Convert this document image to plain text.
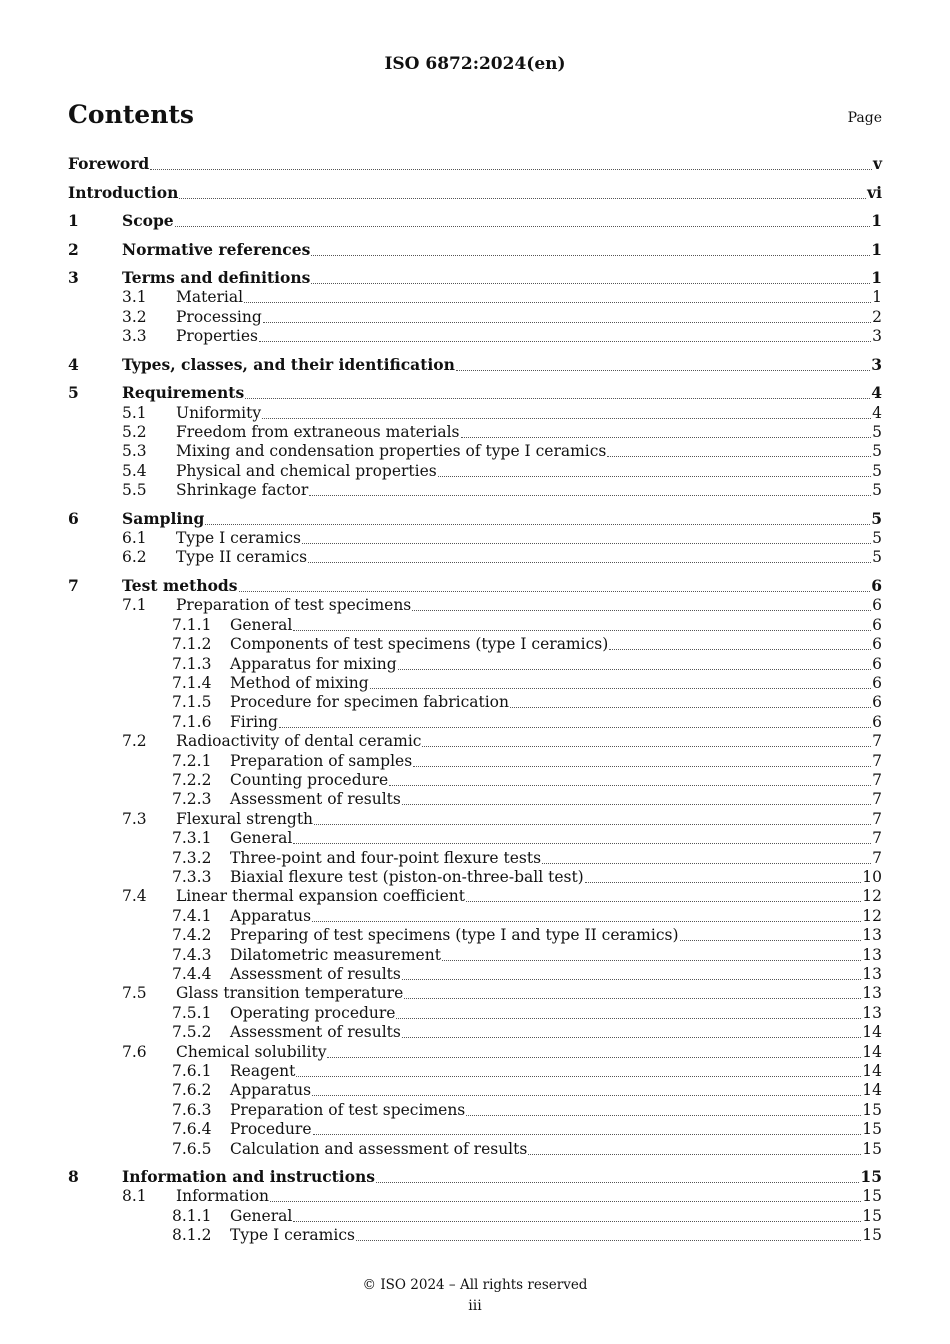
ISO 6872:2024(en)
Contents	Page
Foreword	v
Introduction	vi
1	Scope	1
2	Normative references	1
3	Terms and definitions	1
3.1	Material	1
3.2	Processing	2
3.3	Properties	3
4	Types, classes, and their identification	3
5	Requirements	4
5.1	Uniformity	4
5.2	Freedom from extraneous materials	5
5.3	Mixing and condensation properties of type I ceramics	5
5.4	Physical and chemical properties	5
5.5	Shrinkage factor	5
6	Sampling	5
6.1	Type I ceramics	5
6.2	Type II ceramics	5
7	Test methods	6
7.1	Preparation of test specimens	6
7.1.1	General	6
7.1.2	Components of test specimens (type I ceramics)	6
7.1.3	Apparatus for mixing	6
7.1.4	Method of mixing	6
7.1.5	Procedure for specimen fabrication	6
7.1.6	Firing	6
7.2	Radioactivity of dental ceramic	7
7.2.1	Preparation of samples	7
7.2.2	Counting procedure	7
7.2.3	Assessment of results	7
7.3	Flexural strength	7
7.3.1	General	7
7.3.2	Three-point and four-point flexure tests	7
7.3.3	Biaxial flexure test (piston-on-three-ball test)	10
7.4	Linear thermal expansion coefficient	12
7.4.1	Apparatus	12
7.4.2	Preparing of test specimens (type I and type II ceramics)	13
7.4.3	Dilatometric measurement	13
7.4.4	Assessment of results	13
7.5	Glass transition temperature	13
7.5.1	Operating procedure	13
7.5.2	Assessment of results	14
7.6	Chemical solubility	14
7.6.1	Reagent	14
7.6.2	Apparatus	14
7.6.3	Preparation of test specimens	15
7.6.4	Procedure	15
7.6.5	Calculation and assessment of results	15
8	Information and instructions	15
8.1	Information	15
8.1.1	General	15
8.1.2	Type I ceramics	15
© ISO 2024 – All rights reserved
iii
